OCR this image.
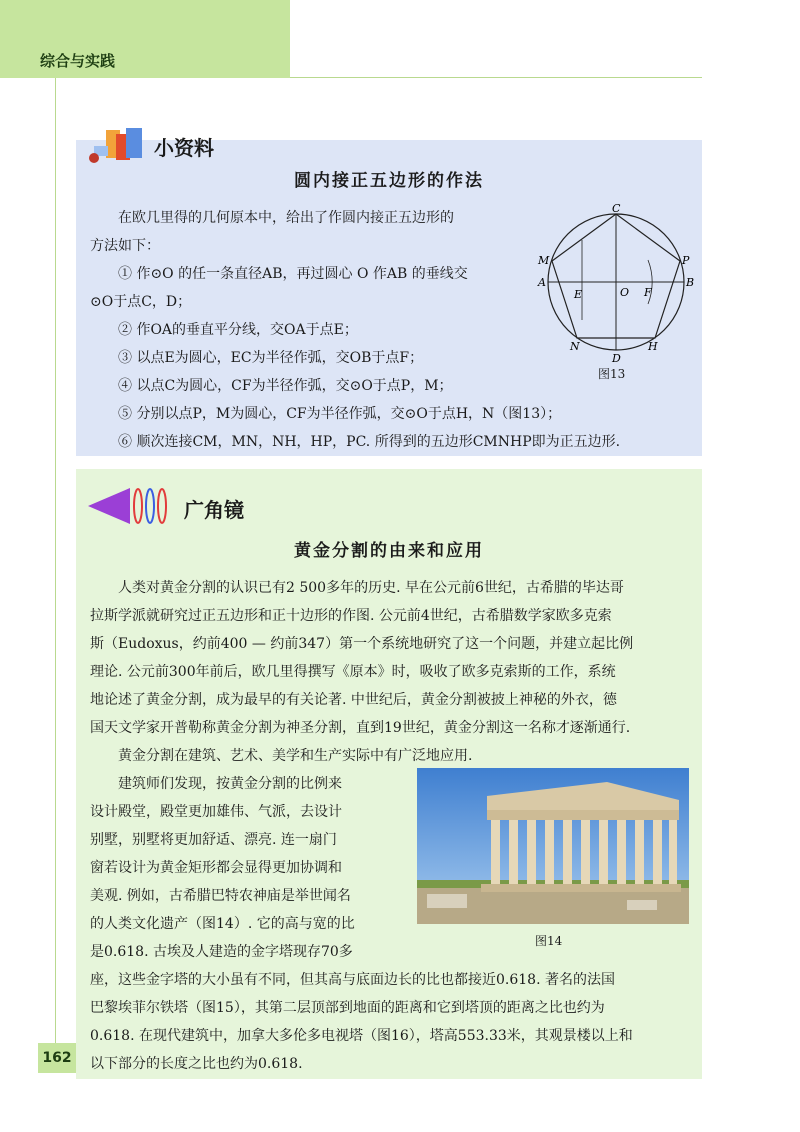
综合与实践
小资料
圆内接正五边形的作法
在欧几里得的几何原本中，给出了作圆内接正五边形的
方法如下：
① 作⊙O 的任一条直径AB，再过圆心 O 作AB 的垂线交
⊙O于点C，D；
② 作OA的垂直平分线，交OA于点E；
③ 以点E为圆心，EC为半径作弧，交OB于点F；
④ 以点C为圆心，CF为半径作弧，交⊙O于点P，M；
⑤ 分别以点P，M为圆心，CF为半径作弧，交⊙O于点H，N（图13）；
⑥ 顺次连接CM，MN，NH，HP，PC. 所得到的五边形CMNHP即为正五边形.
C
M	P
A	B
E	O F
N
D
H
图13
广角镜
黄金分割的由来和应用
人类对黄金分割的认识已有2 500多年的历史. 早在公元前6世纪，古希腊的毕达哥
拉斯学派就研究过正五边形和正十边形的作图. 公元前4世纪，古希腊数学家欧多克索
斯（Eudoxus，约前400 — 约前347）第一个系统地研究了这一个问题，并建立起比例
理论. 公元前300年前后，欧几里得撰写《原本》时，吸收了欧多克索斯的工作，系统
地论述了黄金分割，成为最早的有关论著. 中世纪后，黄金分割被披上神秘的外衣，德
国天文学家开普勒称黄金分割为神圣分割，直到19世纪，黄金分割这一名称才逐渐通行.
黄金分割在建筑、艺术、美学和生产实际中有广泛地应用.
建筑师们发现，按黄金分割的比例来
设计殿堂，殿堂更加雄伟、气派，去设计
别墅，别墅将更加舒适、漂亮. 连一扇门
窗若设计为黄金矩形都会显得更加协调和
美观. 例如，古希腊巴特农神庙是举世闻名
的人类文化遗产（图14）. 它的高与宽的比
是0.618. 古埃及人建造的金字塔现存70多
座，这些金字塔的大小虽有不同，但其高与底面边长的比也都接近0.618. 著名的法国
巴黎埃菲尔铁塔（图15），其第二层顶部到地面的距离和它到塔顶的距离之比也约为
0.618. 在现代建筑中，加拿大多伦多电视塔（图16），塔高553.33米，其观景楼以上和
以下部分的长度之比也约为0.618.
图14
162
